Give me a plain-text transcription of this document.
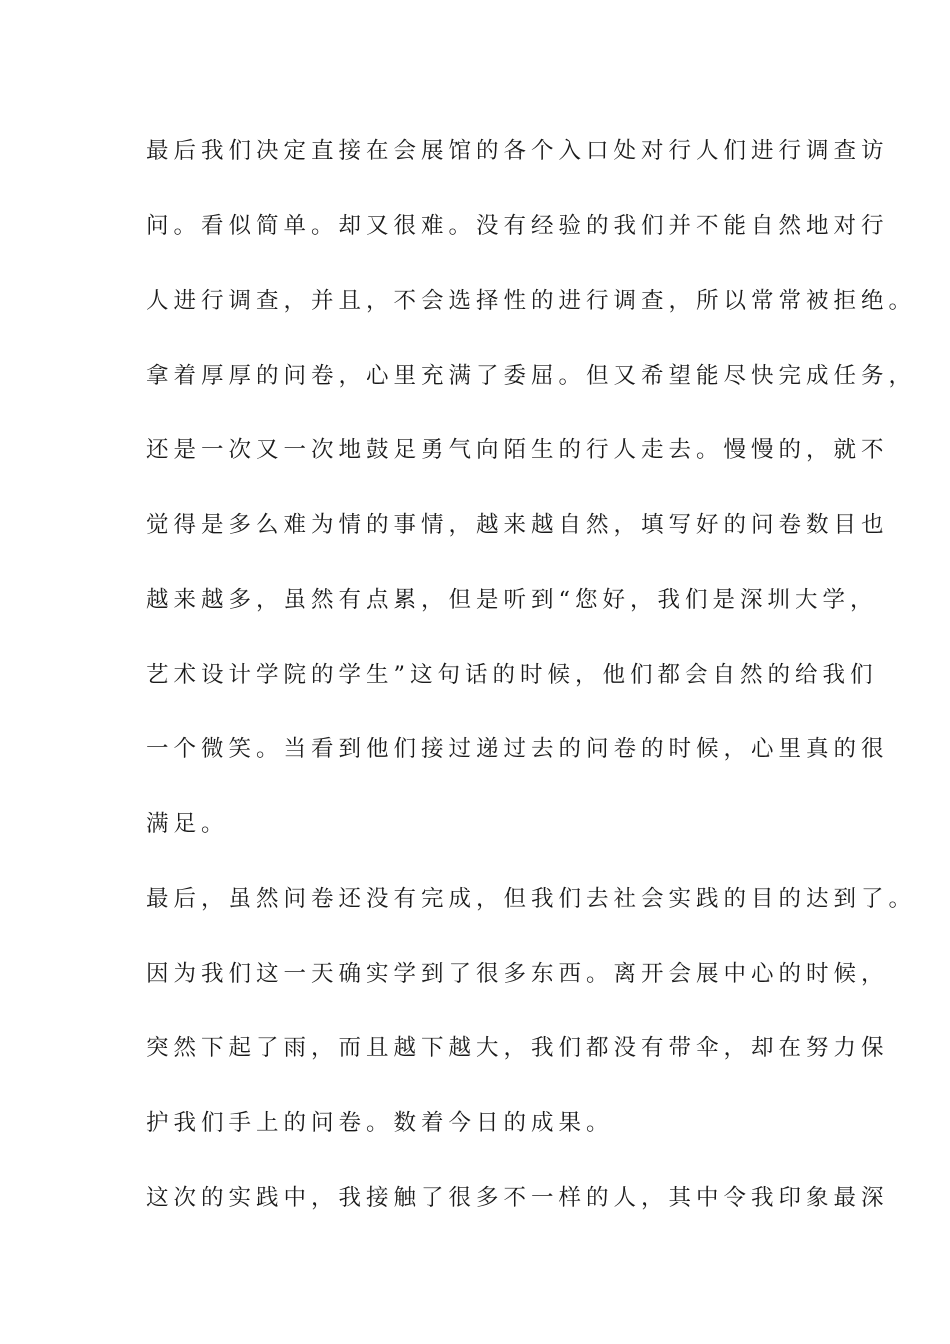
最后我们决定直接在会展馆的各个入口处对行人们进行调查访
问。看似简单。却又很难。没有经验的我们并不能自然地对行
人进行调查，并且，不会选择性的进行调查，所以常常被拒绝。
拿着厚厚的问卷，心里充满了委屈。但又希望能尽快完成任务，
还是一次又一次地鼓足勇气向陌生的行人走去。慢慢的，就不
觉得是多么难为情的事情，越来越自然，填写好的问卷数目也
越来越多，虽然有点累，但是听到“您好，我们是深圳大学，
艺术设计学院的学生”这句话的时候，他们都会自然的给我们
一个微笑。当看到他们接过递过去的问卷的时候，心里真的很
满足。
最后，虽然问卷还没有完成，但我们去社会实践的目的达到了。
因为我们这一天确实学到了很多东西。离开会展中心的时候，
突然下起了雨，而且越下越大，我们都没有带伞，却在努力保
护我们手上的问卷。数着今日的成果。
这次的实践中，我接触了很多不一样的人，其中令我印象最深
